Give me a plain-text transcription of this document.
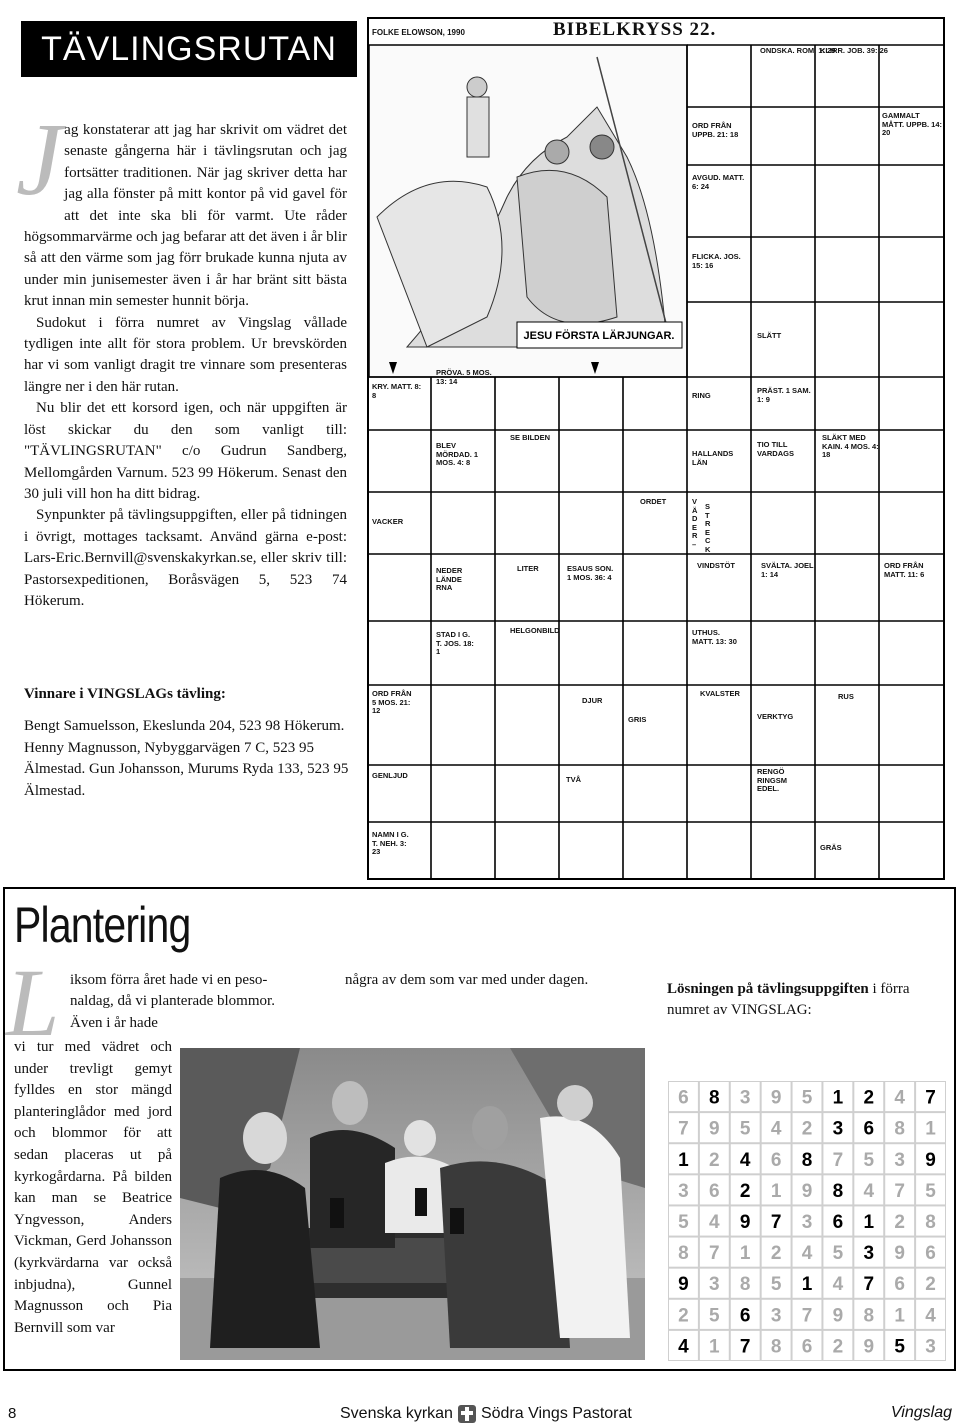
TÄVLINGSRUTAN

Jag konstaterar att jag har skrivit om vädret det senaste gångerna här i tävlingsrutan och jag fortsätter traditionen. När jag skriver detta har jag alla fönster på mitt kontor på vid gavel för att det inte ska bli för varmt. Ute råder högsommarvärme och jag befarar att det även i år blir så att den värme som jag förr brukade kunna njuta av under min junisemester även i år har bränt sitt bästa krut innan min semester hunnit börja.

Sudokut i förra numret av Vingslag vållade tydligen inte allt för stora problem. Ur brevskörden har vi som vanligt dragit tre vinnare som presenteras längre ner i den här rutan.

Nu blir det ett korsord igen, och när uppgiften är löst skickar du den som vanligt till: "TÄVLINGSRUTAN" c/o Gudrun Sandberg, Mellomgården Varnum. 523 99 Hökerum. Senast den 30 juli vill hon ha ditt bidrag.

Synpunkter på tävlingsuppgiften, eller på tidningen i övrigt, mottages tacksamt. Använd gärna e-post: Lars-Eric.Bernvill@svenskakyrkan.se, eller skriv till: Pastorsexpeditionen, Boråsvägen 5, 523 74 Hökerum.

Vinnare i VINGSLAGs tävling:
Bengt Samuelsson, Ekeslunda 204, 523 98 Hökerum. Henny Magnusson, Nybyggarvägen 7 C, 523 95 Älmestad. Gun Johansson, Murums Ryda 133, 523 95 Älmestad.
FOLKE ELOWSON, 1990	BIBELKRYSS 22.
JESU FÖRSTA LÄRJUNGAR.
ONDSKA. ROM. 1: 29
KLIRR. JOB. 39: 26
GAMMALT MÅTT. UPPB. 14: 20
ORD FRÅN UPPB. 21: 18
AVGUD. MATT. 6: 24
FLICKA. JOS. 15: 16
SLÄTT
KRY. MATT. 8: 8
PRÖVA. 5 MOS. 13: 14
RING
PRÄST. 1 SAM. 1: 9
BLEV MÖRDAD. 1 MOS. 4: 8
SE BILDEN
HALLANDS LÄN
TIO TILL VARDAGS
SLÄKT MED KAIN. 4 MOS. 4: 18
ORDET	VÄDER –
STRECK
VACKER
NEDERLÄNDERNA
LITER	ESAUS SON. 1 MOS. 36: 4
VINDSTÖT	SVÄLTA. JOEL 1: 14
ORD FRÅN MATT. 11: 6
STAD I G. T. JOS. 18: 1
HELGONBILD	UTHUS. MATT. 13: 30
ORD FRÅN 5 MOS. 21: 12
DJUR
KVALSTER	RUS
GRIS	VERKTYG
GENLJUD	TVÅ
RENGÖRINGSMEDEL.
NAMN I G. T. NEH. 3: 23	GRÄS
Plantering
L iksom förra året hade vi en peso-
naldag, då vi planterade blommor.
Även i år hade
vi tur med vädret och under trevligt gemyt fylldes en stor mängd planteringlådor med jord och blommor för att sedan placeras ut på kyrkogårdarna. På bilden kan man se Beatrice Yngvesson, Anders Vickman, Gerd Johansson (kyrkvärdarna var också inbjudna), Gunnel Magnusson och Pia Bernvill som var
några av dem som var med under dagen.
Lösningen på tävlingsuppgiften i förra numret av VINGSLAG:
6 8 3 9 5 1 2 4 7
7 9 5 4 2 3 6 8 1
1 2 4 6 8 7 5 3 9
3 6 2 1 9 8 4 7 5
5 4 9 7 3 6 1 2 8
8 7 1 2 4 5 3 9 6
9 3 8 5 1 4 7 6 2
2 5 6 3 7 9 8 1 4
4 1 7 8 6 2 9 5 3
8	Svenska kyrkan Södra Vings Pastorat	Vingslag
